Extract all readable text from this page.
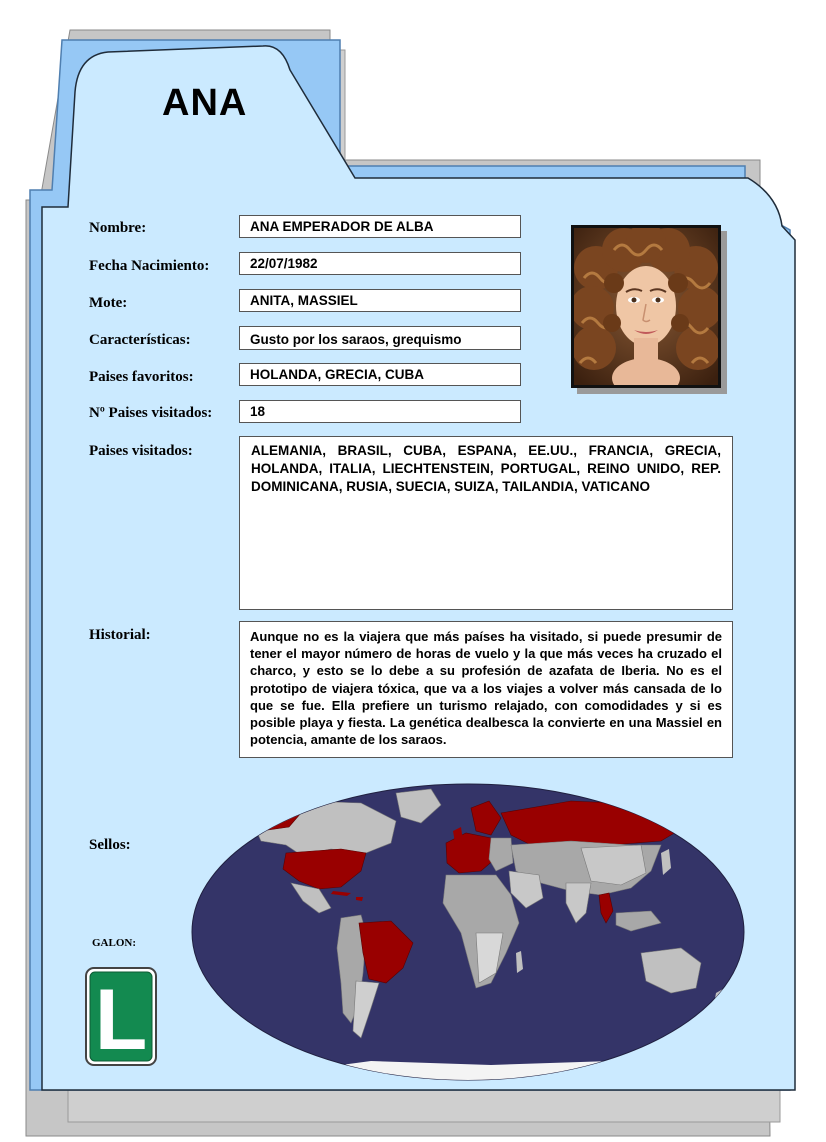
ANA
Nombre:
Fecha Nacimiento:
Mote:
Características:
Paises favoritos:
Nº Paises visitados:
Paises visitados:
Historial:
Sellos:
ANA EMPERADOR DE ALBA
22/07/1982
ANITA, MASSIEL
Gusto por los saraos, grequismo
HOLANDA, GRECIA, CUBA
18
ALEMANIA, BRASIL, CUBA, ESPANA, EE.UU., FRANCIA, GRECIA, HOLANDA, ITALIA, LIECHTENSTEIN, PORTUGAL, REINO UNIDO, REP. DOMINICANA, RUSIA, SUECIA, SUIZA, TAILANDIA, VATICANO
Aunque no es la viajera que más países ha visitado, si puede presumir de tener el mayor número de horas de vuelo y la que más veces ha cruzado el charco, y esto se lo debe a su profesión de azafata de Iberia. No es el prototipo de viajera tóxica, que va a los viajes a volver más cansada de lo que se fue. Ella prefiere un turismo relajado, con comodidades y si es posible playa y fiesta. La genética dealbesca la convierte en una Massiel en potencia, amante de los saraos.
GALON:
L
